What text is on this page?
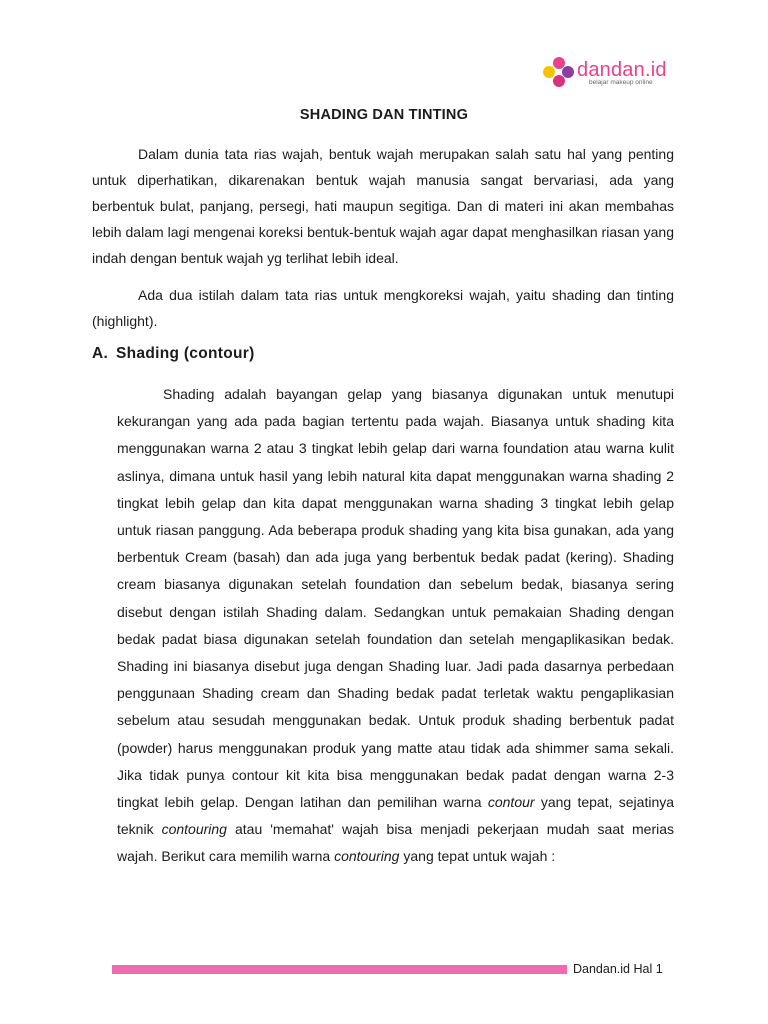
dandan.id
belajar makeup online
SHADING DAN TINTING

Dalam dunia tata rias wajah, bentuk wajah merupakan salah satu hal yang penting untuk diperhatikan, dikarenakan bentuk wajah manusia sangat bervariasi, ada yang berbentuk bulat, panjang, persegi, hati maupun segitiga. Dan di materi ini akan membahas lebih dalam lagi mengenai koreksi bentuk-bentuk wajah agar dapat menghasilkan riasan yang indah dengan bentuk wajah yg terlihat lebih ideal.

Ada dua istilah dalam tata rias untuk mengkoreksi wajah, yaitu shading dan tinting (highlight).

A. Shading (contour)

Shading adalah bayangan gelap yang biasanya digunakan untuk menutupi kekurangan yang ada pada bagian tertentu pada wajah. Biasanya untuk shading kita menggunakan warna 2 atau 3 tingkat lebih gelap dari warna foundation atau warna kulit aslinya, dimana untuk hasil yang lebih natural kita dapat menggunakan warna shading 2 tingkat lebih gelap dan kita dapat menggunakan warna shading 3 tingkat lebih gelap untuk riasan panggung. Ada beberapa produk shading yang kita bisa gunakan, ada yang berbentuk Cream (basah) dan ada juga yang berbentuk bedak padat (kering). Shading cream biasanya digunakan setelah foundation dan sebelum bedak, biasanya sering disebut dengan istilah Shading dalam. Sedangkan untuk pemakaian Shading dengan bedak padat biasa digunakan setelah foundation dan setelah mengaplikasikan bedak. Shading ini biasanya disebut juga dengan Shading luar. Jadi pada dasarnya perbedaan penggunaan Shading cream dan Shading bedak padat terletak waktu pengaplikasian sebelum atau sesudah menggunakan bedak. Untuk produk shading berbentuk padat (powder) harus menggunakan produk yang matte atau tidak ada shimmer sama sekali. Jika tidak punya contour kit kita bisa menggunakan bedak padat dengan warna 2-3 tingkat lebih gelap. Dengan latihan dan pemilihan warna contour yang tepat, sejatinya teknik contouring atau 'memahat' wajah bisa menjadi pekerjaan mudah saat merias wajah. Berikut cara memilih warna contouring yang tepat untuk wajah :

Dandan.id Hal 1
